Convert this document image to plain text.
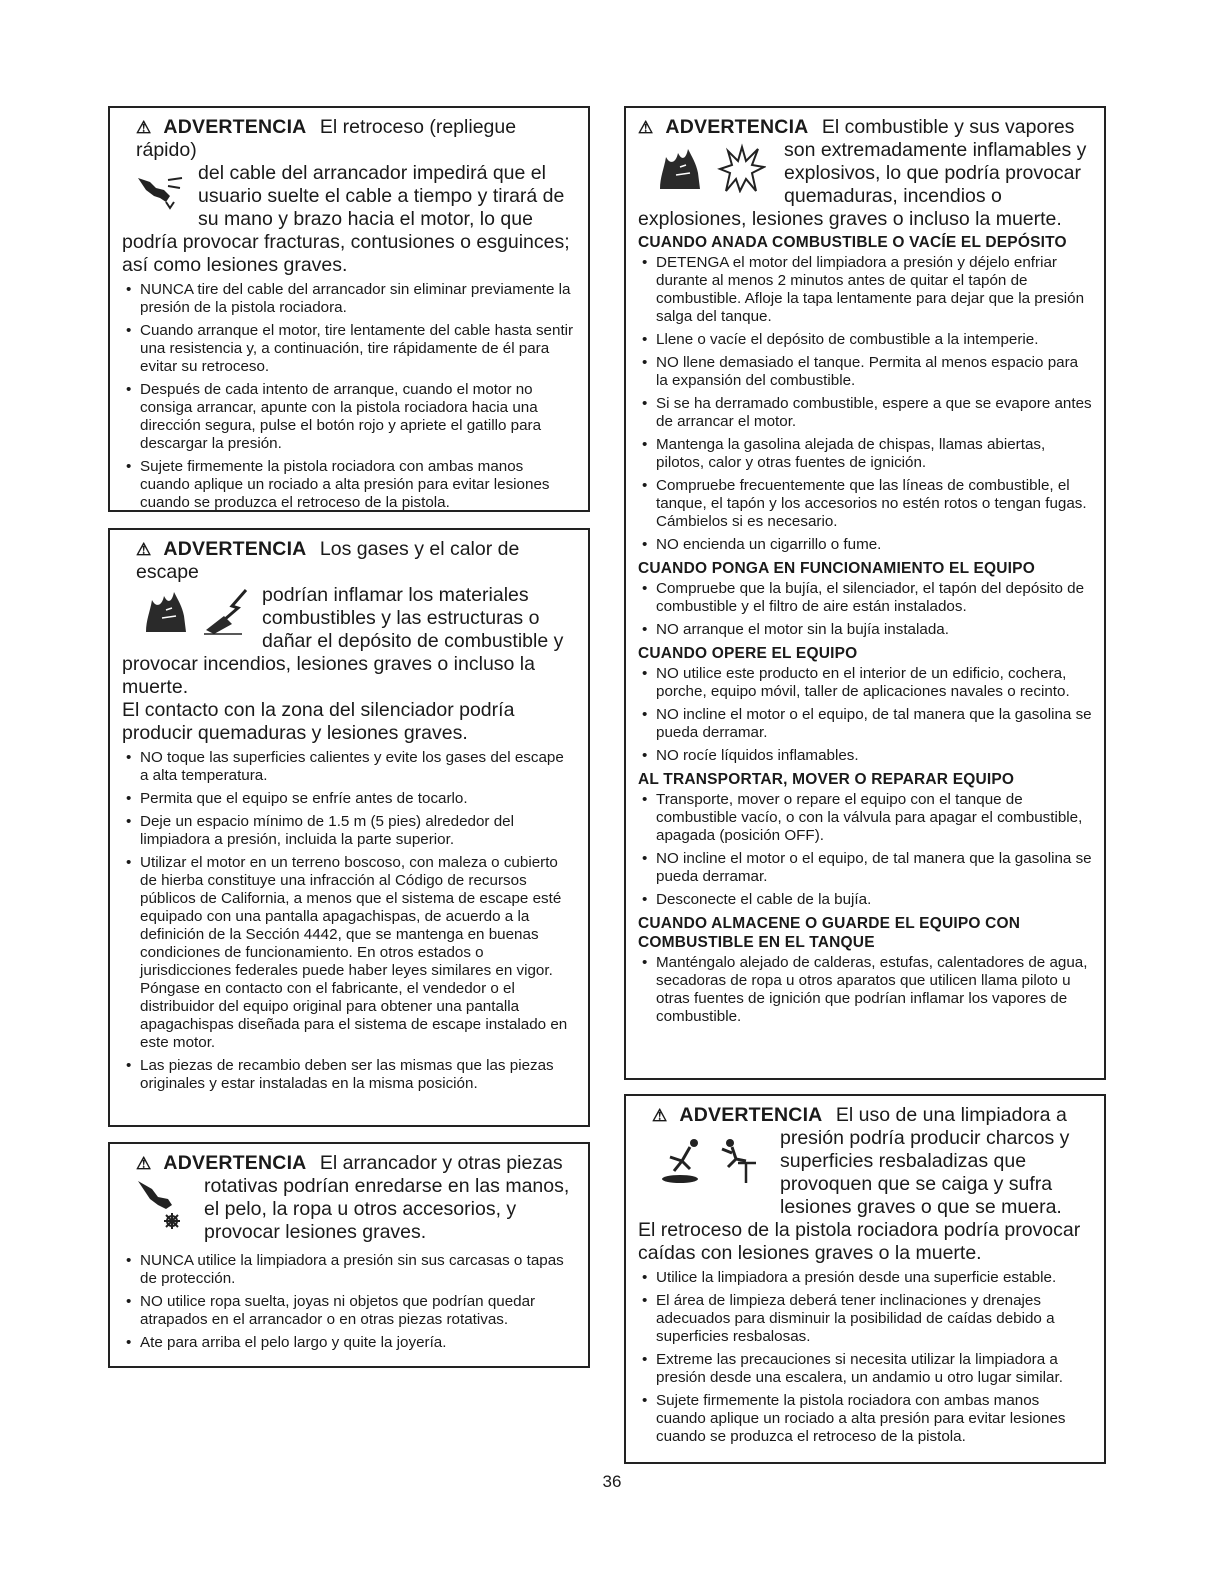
⚠ ADVERTENCIA El retroceso (repliegue rápido)
del cable del arrancador impedirá que el
usuario suelte el cable a tiempo y tirará de
su mano y brazo hacia el motor, lo que
podría provocar fracturas, contusiones o esguinces; así como lesiones graves.
• NUNCA tire del cable del arrancador sin eliminar previamente la presión de la pistola rociadora.
• Cuando arranque el motor, tire lentamente del cable hasta sentir una resistencia y, a continuación, tire rápidamente de él para evitar su retroceso.
• Después de cada intento de arranque, cuando el motor no consiga arrancar, apunte con la pistola rociadora hacia una dirección segura, pulse el botón rojo y apriete el gatillo para descargar la presión.
• Sujete firmemente la pistola rociadora con ambas manos cuando aplique un rociado a alta presión para evitar lesiones cuando se produzca el retroceso de la pistola.
⚠ ADVERTENCIA Los gases y el calor de escape
podrían inflamar los materiales
combustibles y las estructuras o
dañar el depósito de combustible y
provocar incendios, lesiones graves o incluso la muerte.
El contacto con la zona del silenciador podría producir quemaduras y lesiones graves.
• NO toque las superficies calientes y evite los gases del escape a alta temperatura.
• Permita que el equipo se enfríe antes de tocarlo.
• Deje un espacio mínimo de 1.5 m (5 pies) alrededor del limpiadora a presión, incluida la parte superior.
• Utilizar el motor en un terreno boscoso, con maleza o cubierto de hierba constituye una infracción al Código de recursos públicos de California, a menos que el sistema de escape esté equipado con una pantalla apagachispas, de acuerdo a la definición de la Sección 4442, que se mantenga en buenas condiciones de funcionamiento. En otros estados o jurisdicciones federales puede haber leyes similares en vigor. Póngase en contacto con el fabricante, el vendedor o el distribuidor del equipo original para obtener una pantalla apagachispas diseñada para el sistema de escape instalado en este motor.
• Las piezas de recambio deben ser las mismas que las piezas originales y estar instaladas en la misma posición.
⚠ ADVERTENCIA El arrancador y otras piezas
rotativas podrían enredarse en las manos,
el pelo, la ropa u otros accesorios, y
provocar lesiones graves.
• NUNCA utilice la limpiadora a presión sin sus carcasas o tapas de protección.
• NO utilice ropa suelta, joyas ni objetos que podrían quedar atrapados en el arrancador o en otras piezas rotativas.
• Ate para arriba el pelo largo y quite la joyería.
⚠ ADVERTENCIA El combustible y sus vapores
son extremadamente inflamables y
explosivos, lo que podría provocar
quemaduras, incendios o
explosiones, lesiones graves o incluso la muerte.
CUANDO ANADA COMBUSTIBLE O VACÍE EL DEPÓSITO
• DETENGA el motor del limpiadora a presión y déjelo enfriar durante al menos 2 minutos antes de quitar el tapón de combustible. Afloje la tapa lentamente para dejar que la presión salga del tanque.
• Llene o vacíe el depósito de combustible a la intemperie.
• NO llene demasiado el tanque. Permita al menos espacio para la expansión del combustible.
• Si se ha derramado combustible, espere a que se evapore antes de arrancar el motor.
• Mantenga la gasolina alejada de chispas, llamas abiertas, pilotos, calor y otras fuentes de ignición.
• Compruebe frecuentemente que las líneas de combustible, el tanque, el tapón y los accesorios no estén rotos o tengan fugas. Cámbielos si es necesario.
• NO encienda un cigarrillo o fume.
CUANDO PONGA EN FUNCIONAMIENTO EL EQUIPO
• Compruebe que la bujía, el silenciador, el tapón del depósito de combustible y el filtro de aire están instalados.
• NO arranque el motor sin la bujía instalada.
CUANDO OPERE EL EQUIPO
• NO utilice este producto en el interior de un edificio, cochera, porche, equipo móvil, taller de aplicaciones navales o recinto.
• NO incline el motor o el equipo, de tal manera que la gasolina se pueda derramar.
• NO rocíe líquidos inflamables.
AL TRANSPORTAR, MOVER O REPARAR EQUIPO
• Transporte, mover o repare el equipo con el tanque de combustible vacío, o con la válvula para apagar el combustible, apagada (posición OFF).
• NO incline el motor o el equipo, de tal manera que la gasolina se pueda derramar.
• Desconecte el cable de la bujía.
CUANDO ALMACENE O GUARDE EL EQUIPO CON COMBUSTIBLE EN EL TANQUE
• Manténgalo alejado de calderas, estufas, calentadores de agua, secadoras de ropa u otros aparatos que utilicen llama piloto u otras fuentes de ignición que podrían inflamar los vapores de combustible.
⚠ ADVERTENCIA El uso de una limpiadora a
presión podría producir charcos y
superficies resbaladizas que
provoquen que se caiga y sufra
lesiones graves o que se muera.
El retroceso de la pistola rociadora podría provocar caídas con lesiones graves o la muerte.
• Utilice la limpiadora a presión desde una superficie estable.
• El área de limpieza deberá tener inclinaciones y drenajes adecuados para disminuir la posibilidad de caídas debido a superficies resbalosas.
• Extreme las precauciones si necesita utilizar la limpiadora a presión desde una escalera, un andamio u otro lugar similar.
• Sujete firmemente la pistola rociadora con ambas manos cuando aplique un rociado a alta presión para evitar lesiones cuando se produzca el retroceso de la pistola.
36
